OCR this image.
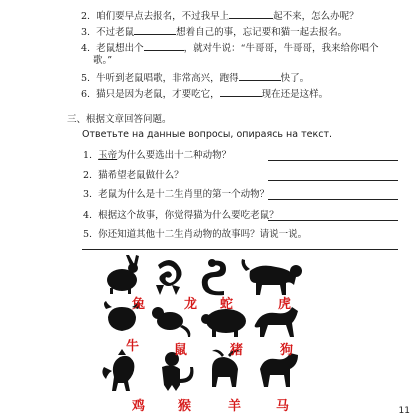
2. 咱们要早点去报名，不过我早上	起不来，怎么办呢？
3. 不过老鼠	想着自己的事，忘记要和猫一起去报名。
4. 老鼠想出个	，就对牛说：“牛哥哥，牛哥哥，我来给你唱个
歌。”
5. 牛听到老鼠唱歌，非常高兴，跑得	快了。
6. 猫只是因为老鼠，才要吃它，	现在还是这样。
三、根据文章回答问题。
Ответьте на данные вопросы, опираясь на текст.
1. 玉帝为什么要选出十二种动物？
2. 猫希望老鼠做什么？
3. 老鼠为什么是十二生肖里的第一个动物？
4. 根据这个故事，你觉得猫为什么要吃老鼠？
5. 你还知道其他十二生肖动物的故事吗？请说一说。
兔	龙 蛇	虎
牛	鼠	猪	狗
鸡	猴	羊	马	11
